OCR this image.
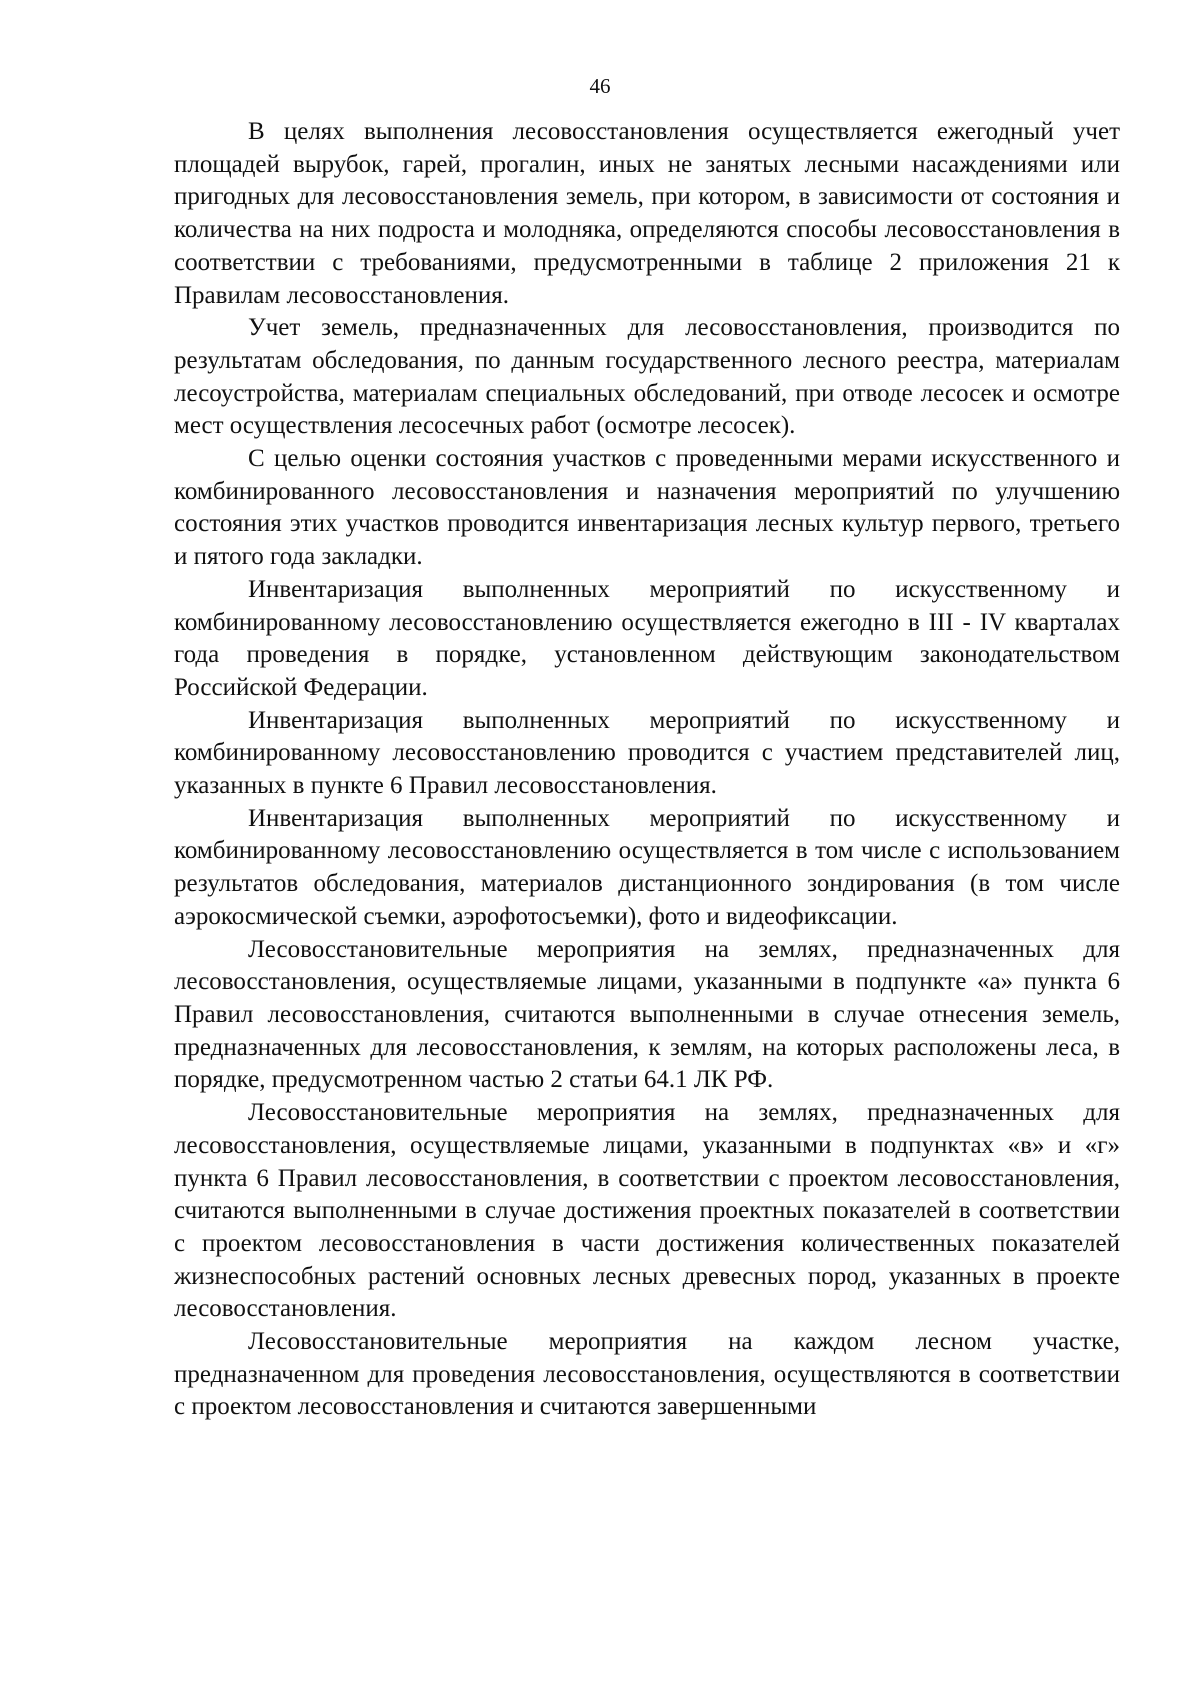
46

В целях выполнения лесовосстановления осуществляется ежегодный учет площадей вырубок, гарей, прогалин, иных не занятых лесными насаждениями или пригодных для лесовосстановления земель, при котором, в зависимости от состояния и количества на них подроста и молодняка, определяются способы лесовосстановления в соответствии с требованиями, предусмотренными в таблице 2 приложения 21 к Правилам лесовосстановления.

Учет земель, предназначенных для лесовосстановления, производится по результатам обследования, по данным государственного лесного реестра, материалам лесоустройства, материалам специальных обследований, при отводе лесосек и осмотре мест осуществления лесосечных работ (осмотре лесосек).

С целью оценки состояния участков с проведенными мерами искусственного и комбинированного лесовосстановления и назначения мероприятий по улучшению состояния этих участков проводится инвентаризация лесных культур первого, третьего и пятого года закладки.

Инвентаризация выполненных мероприятий по искусственному и комбинированному лесовосстановлению осуществляется ежегодно в III - IV кварталах года проведения в порядке, установленном действующим законодательством Российской Федерации.

Инвентаризация выполненных мероприятий по искусственному и комбинированному лесовосстановлению проводится с участием представителей лиц, указанных в пункте 6 Правил лесовосстановления.

Инвентаризация выполненных мероприятий по искусственному и комбинированному лесовосстановлению осуществляется в том числе с использованием результатов обследования, материалов дистанционного зондирования (в том числе аэрокосмической съемки, аэрофотосъемки), фото и видеофиксации.

Лесовосстановительные мероприятия на землях, предназначенных для лесовосстановления, осуществляемые лицами, указанными в подпункте «а» пункта 6 Правил лесовосстановления, считаются выполненными в случае отнесения земель, предназначенных для лесовосстановления, к землям, на которых расположены леса, в порядке, предусмотренном частью 2 статьи 64.1 ЛК РФ.

Лесовосстановительные мероприятия на землях, предназначенных для лесовосстановления, осуществляемые лицами, указанными в подпунктах «в» и «г» пункта 6 Правил лесовосстановления, в соответствии с проектом лесовосстановления, считаются выполненными в случае достижения проектных показателей в соответствии с проектом лесовосстановления в части достижения количественных показателей жизнеспособных растений основных лесных древесных пород, указанных в проекте лесовосстановления.

Лесовосстановительные мероприятия на каждом лесном участке, предназначенном для проведения лесовосстановления, осуществляются в соответствии с проектом лесовосстановления и считаются завершенными
